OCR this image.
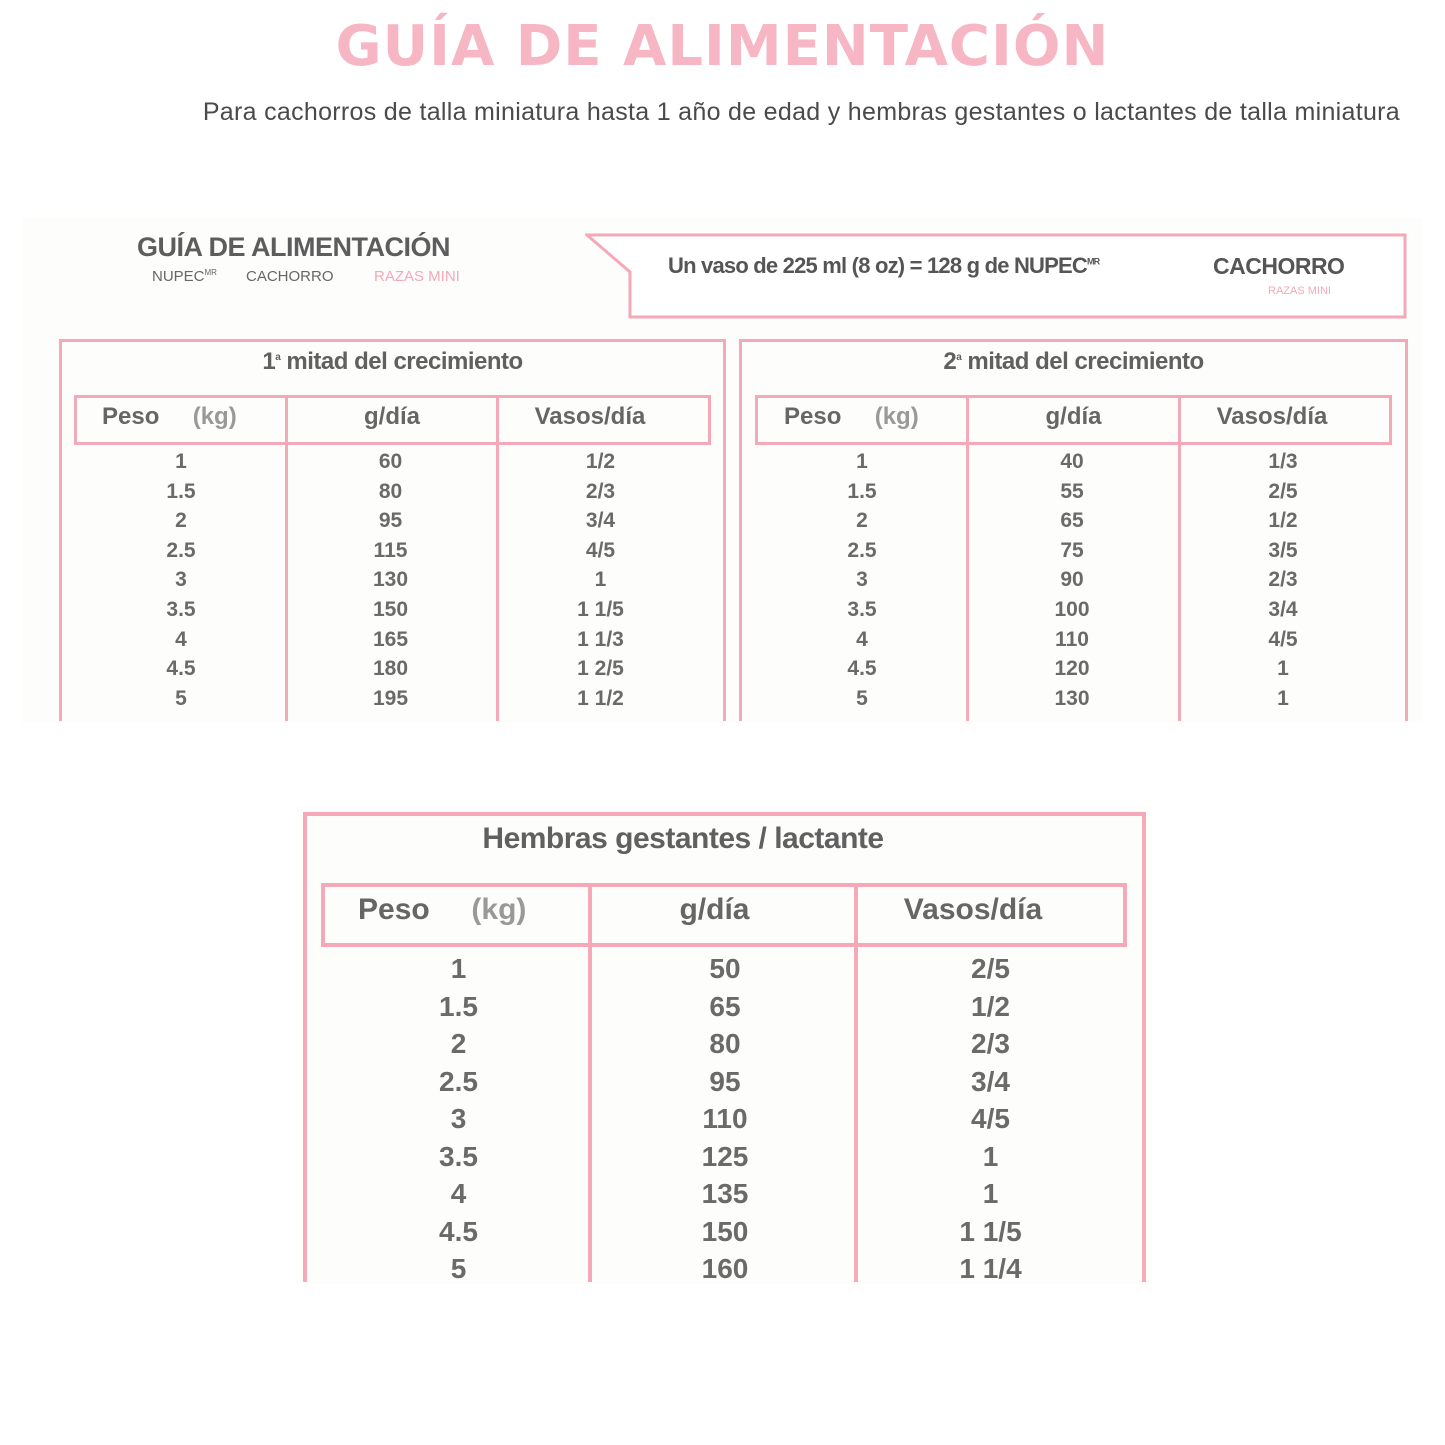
GUÍA DE ALIMENTACIÓN
Para cachorros de talla miniatura hasta 1 año de edad y hembras gestantes o lactantes de talla miniatura
GUÍA DE ALIMENTACIÓN
$NUPEC^{MR}$ CACHORRO	RAZAS MINI	Un vaso de 225 ml (8 oz) = 128 g de $NUPEC^{MR}$	CACHORRO
RAZAS MINI
1$^a$ mitad del crecimiento
Peso (kg)	g/día	Vasos/día
1	60	1/2
1.5	80	2/3
2	95	3/4
2.5	115	4/5
3	130	1
3.5	150	1 1/5
4	165	1 1/3
4.5	180	1 2/5
5	195	1 1/2
2$^a$ mitad del crecimiento
Peso (kg)	g/día	Vasos/día
1	40	1/3
1.5	55	2/5
2	65	1/2
2.5	75	3/5
3	90	2/3
3.5	100	3/4
4	110	4/5
4.5	120	1
5	130	1
Hembras gestantes / lactante
Peso (kg)	g/día	Vasos/día
1	50	2/5
1.5	65	1/2
2	80	2/3
2.5	95	3/4
3	110	4/5
3.5	125	1
4	135	1
4.5	150	1 1/5
5	160	1 1/4
